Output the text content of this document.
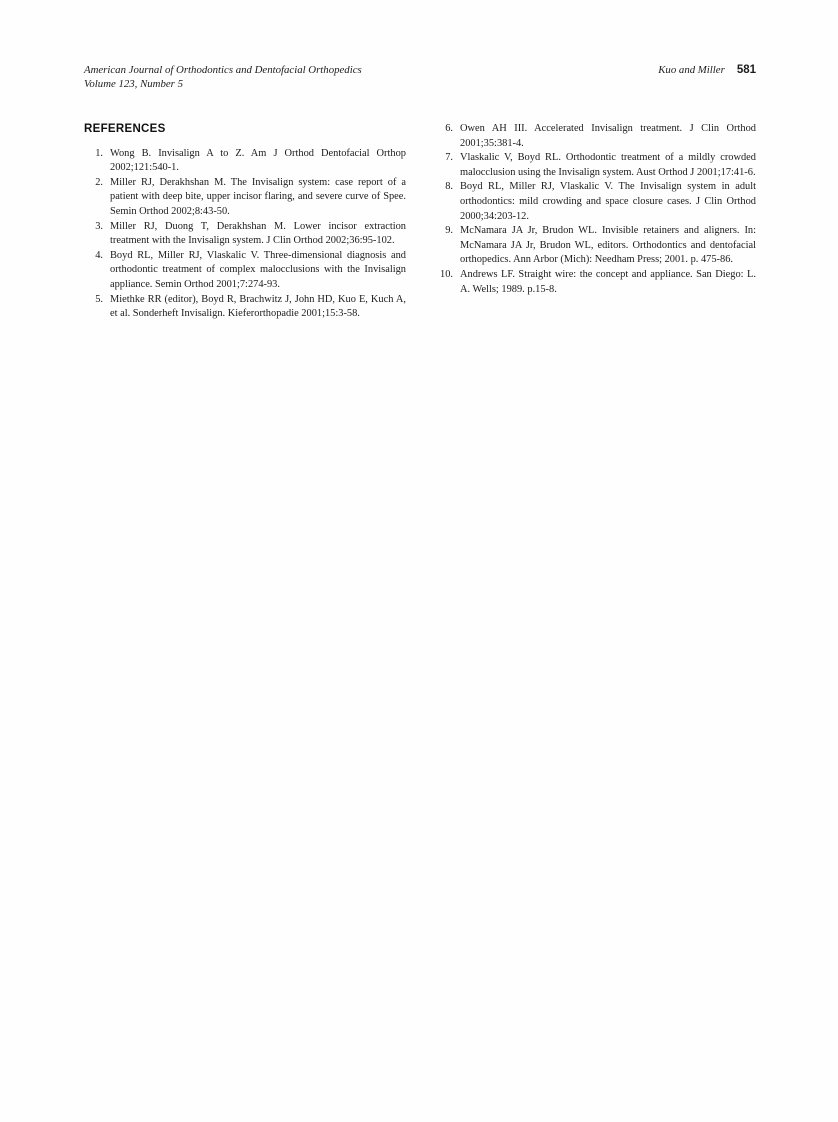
American Journal of Orthodontics and Dentofacial Orthopedics
Volume 123, Number 5
Kuo and Miller 581
REFERENCES
1. Wong B. Invisalign A to Z. Am J Orthod Dentofacial Orthop 2002;121:540-1.
2. Miller RJ, Derakhshan M. The Invisalign system: case report of a patient with deep bite, upper incisor flaring, and severe curve of Spee. Semin Orthod 2002;8:43-50.
3. Miller RJ, Duong T, Derakhshan M. Lower incisor extraction treatment with the Invisalign system. J Clin Orthod 2002;36:95-102.
4. Boyd RL, Miller RJ, Vlaskalic V. Three-dimensional diagnosis and orthodontic treatment of complex malocclusions with the Invisalign appliance. Semin Orthod 2001;7:274-93.
5. Miethke RR (editor), Boyd R, Brachwitz J, John HD, Kuo E, Kuch A, et al. Sonderheft Invisalign. Kieferorthopadie 2001;15:3-58.
6. Owen AH III. Accelerated Invisalign treatment. J Clin Orthod 2001;35:381-4.
7. Vlaskalic V, Boyd RL. Orthodontic treatment of a mildly crowded malocclusion using the Invisalign system. Aust Orthod J 2001;17:41-6.
8. Boyd RL, Miller RJ, Vlaskalic V. The Invisalign system in adult orthodontics: mild crowding and space closure cases. J Clin Orthod 2000;34:203-12.
9. McNamara JA Jr, Brudon WL. Invisible retainers and aligners. In: McNamara JA Jr, Brudon WL, editors. Orthodontics and dentofacial orthopedics. Ann Arbor (Mich): Needham Press; 2001. p. 475-86.
10. Andrews LF. Straight wire: the concept and appliance. San Diego: L. A. Wells; 1989. p.15-8.
